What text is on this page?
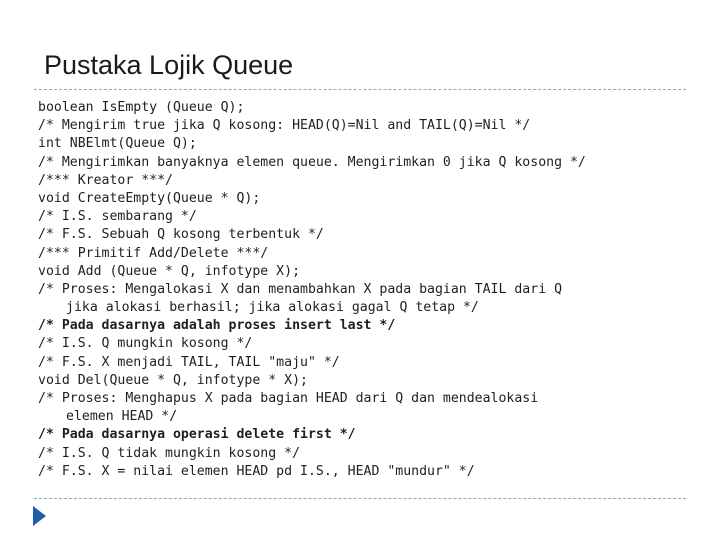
Pustaka Lojik Queue
boolean IsEmpty (Queue Q);
/* Mengirim true jika Q kosong: HEAD(Q)=Nil and TAIL(Q)=Nil */
int NBElmt(Queue Q);
/* Mengirimkan banyaknya elemen queue. Mengirimkan 0 jika Q kosong */
/*** Kreator ***/
void CreateEmpty(Queue * Q);
/* I.S. sembarang */
/* F.S. Sebuah Q kosong terbentuk */
/*** Primitif Add/Delete ***/
void Add (Queue * Q, infotype X);
/* Proses: Mengalokasi X dan menambahkan X pada bagian TAIL dari Q
jika alokasi berhasil; jika alokasi gagal Q tetap */
/* Pada dasarnya adalah proses insert last */
/* I.S. Q mungkin kosong */
/* F.S. X menjadi TAIL, TAIL "maju" */
void Del(Queue * Q, infotype * X);
/* Proses: Menghapus X pada bagian HEAD dari Q dan mendealokasi
elemen HEAD */
/* Pada dasarnya operasi delete first */
/* I.S. Q tidak mungkin kosong */
/* F.S. X = nilai elemen HEAD pd I.S., HEAD "mundur" */
